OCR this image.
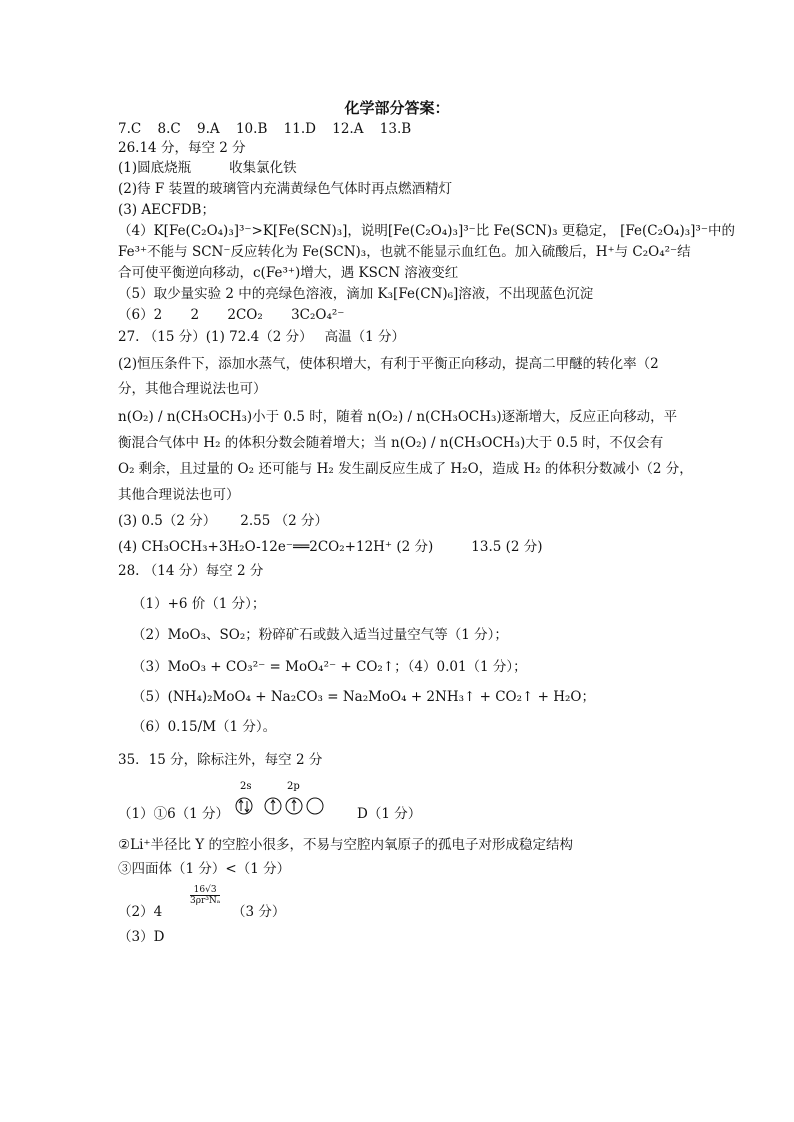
化学部分答案：
7.C 8.C 9.A 10.B 11.D 12.A 13.B
26.14 分，每空 2 分
(1)圆底烧瓶	收集氯化铁
(2)待 F 装置的玻璃管内充满黄绿色气体时再点燃酒精灯
(3) AECFDB；
（4）K[Fe(C₂O₄)₃]³⁻>K[Fe(SCN)₃]，说明[Fe(C₂O₄)₃]³⁻比 Fe(SCN)₃ 更稳定， [Fe(C₂O₄)₃]³⁻中的
Fe³⁺不能与 SCN⁻反应转化为 Fe(SCN)₃，也就不能显示血红色。加入硫酸后，H⁺与 C₂O₄²⁻结
合可使平衡逆向移动，c(Fe³⁺)增大，遇 KSCN 溶液变红
（5）取少量实验 2 中的亮绿色溶液，滴加 K₃[Fe(CN)₆]溶液，不出现蓝色沉淀
（6）2 2 2CO₂ 3C₂O₄²⁻
27. （15 分）(1) 72.4（2 分） 高温（1 分）
(2)恒压条件下，添加水蒸气，使体积增大，有利于平衡正向移动，提高二甲醚的转化率（2
分，其他合理说法也可）
n(O₂) / n(CH₃OCH₃)小于 0.5 时，随着 n(O₂) / n(CH₃OCH₃)逐渐增大，反应正向移动，平
衡混合气体中 H₂ 的体积分数会随着增大；当 n(O₂) / n(CH₃OCH₃)大于 0.5 时，不仅会有
O₂ 剩余，且过量的 O₂ 还可能与 H₂ 发生副反应生成了 H₂O，造成 H₂ 的体积分数减小（2 分，
其他合理说法也可）
(3) 0.5（2 分） 2.55 （2 分）
(4) CH₃OCH₃+3H₂O-12e⁻══2CO₂+12H⁺ (2 分)	13.5 (2 分)
28. （14 分）每空 2 分
（1）+6 价（1 分）；
（2）MoO₃、SO₂；粉碎矿石或鼓入适当过量空气等（1 分）；
（3）MoO₃ + CO₃²⁻ = MoO₄²⁻ + CO₂↑；（4）0.01（1 分）；
（5）(NH₄)₂MoO₄ + Na₂CO₃ = Na₂MoO₄ + 2NH₃↑ + CO₂↑ + H₂O；
（6）0.15/M（1 分）。
35．15 分，除标注外，每空 2 分
2s	2p
（1）①6（1 分）	D（1 分）
②Li⁺半径比 Y 的空腔小很多，不易与空腔内氧原子的孤电子对形成稳定结构
③四面体（1 分）<（1 分）
$\frac{16√3}{\text{3ρr³Nₐ}}$
（2）4	（3 分）
（3）D
